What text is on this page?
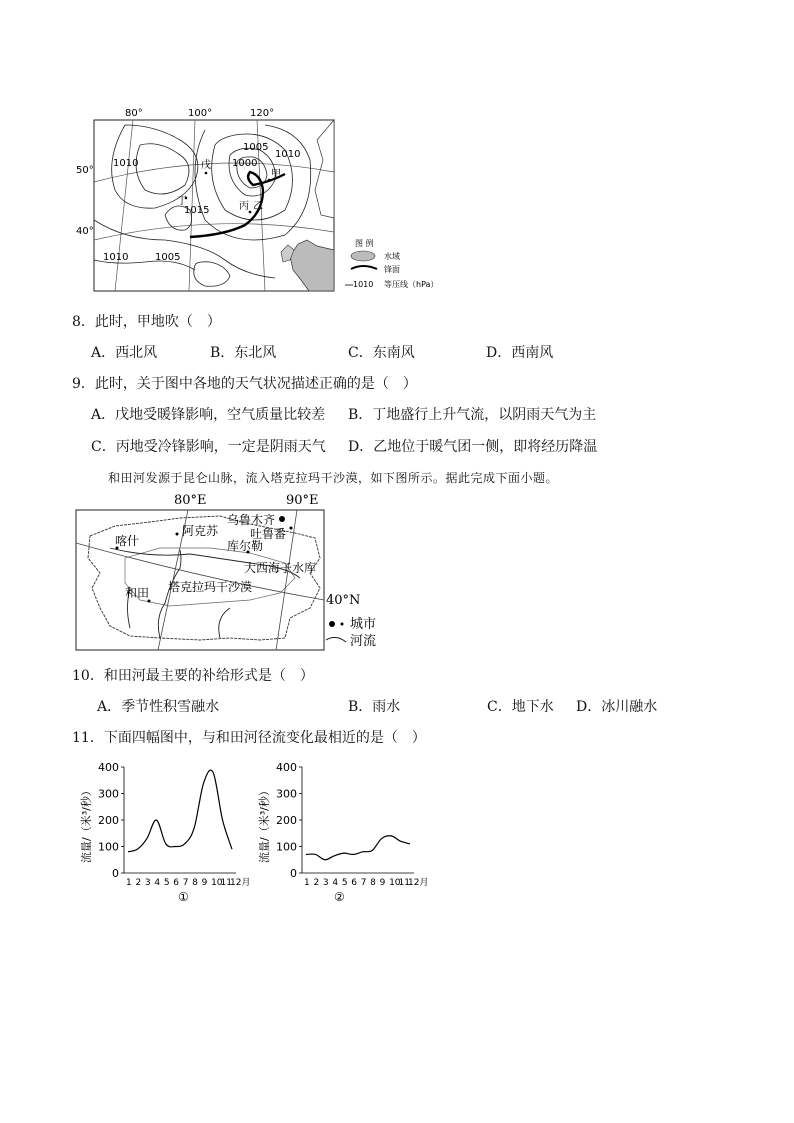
80°	100°	120°
50°
40°
1010
1005
1000
1010
1015
1010	1005
戊
甲
丁	丙 乙
图 例
水域
锋面
1010 等压线（hPa）
8．此时，甲地吹（　）
A．西北风	B．东北风	C．东南风	D．西南风
9．此时，关于图中各地的天气状况描述正确的是（　）
A．戊地受暖锋影响，空气质量比较差 B．丁地盛行上升气流，以阴雨天气为主
C．丙地受冷锋影响，一定是阴雨天气 D．乙地位于暖气团一侧，即将经历降温
和田河发源于昆仑山脉，流入塔克拉玛干沙漠，如下图所示。据此完成下面小题。
80°E	90°E
40°N
乌鲁木齐
吐鲁番
阿克苏
喀什	库尔勒
大西海子水库
和田 塔克拉玛干沙漠
城市
河流
10．和田河最主要的补给形式是（　）
A．季节性积雪融水	B．雨水	C．地下水 D．冰川融水
11．下面四幅图中，与和田河径流变化最相近的是（　）
流量/（米³/秒）
0
100
200
300
400
1 2 3 4 5 6 7 8 9 10
11
12月
①
流量/（米³/秒）
0
100
200
300
400
1 2 3 4 5 6 7 8 9 10
11
12月
②
